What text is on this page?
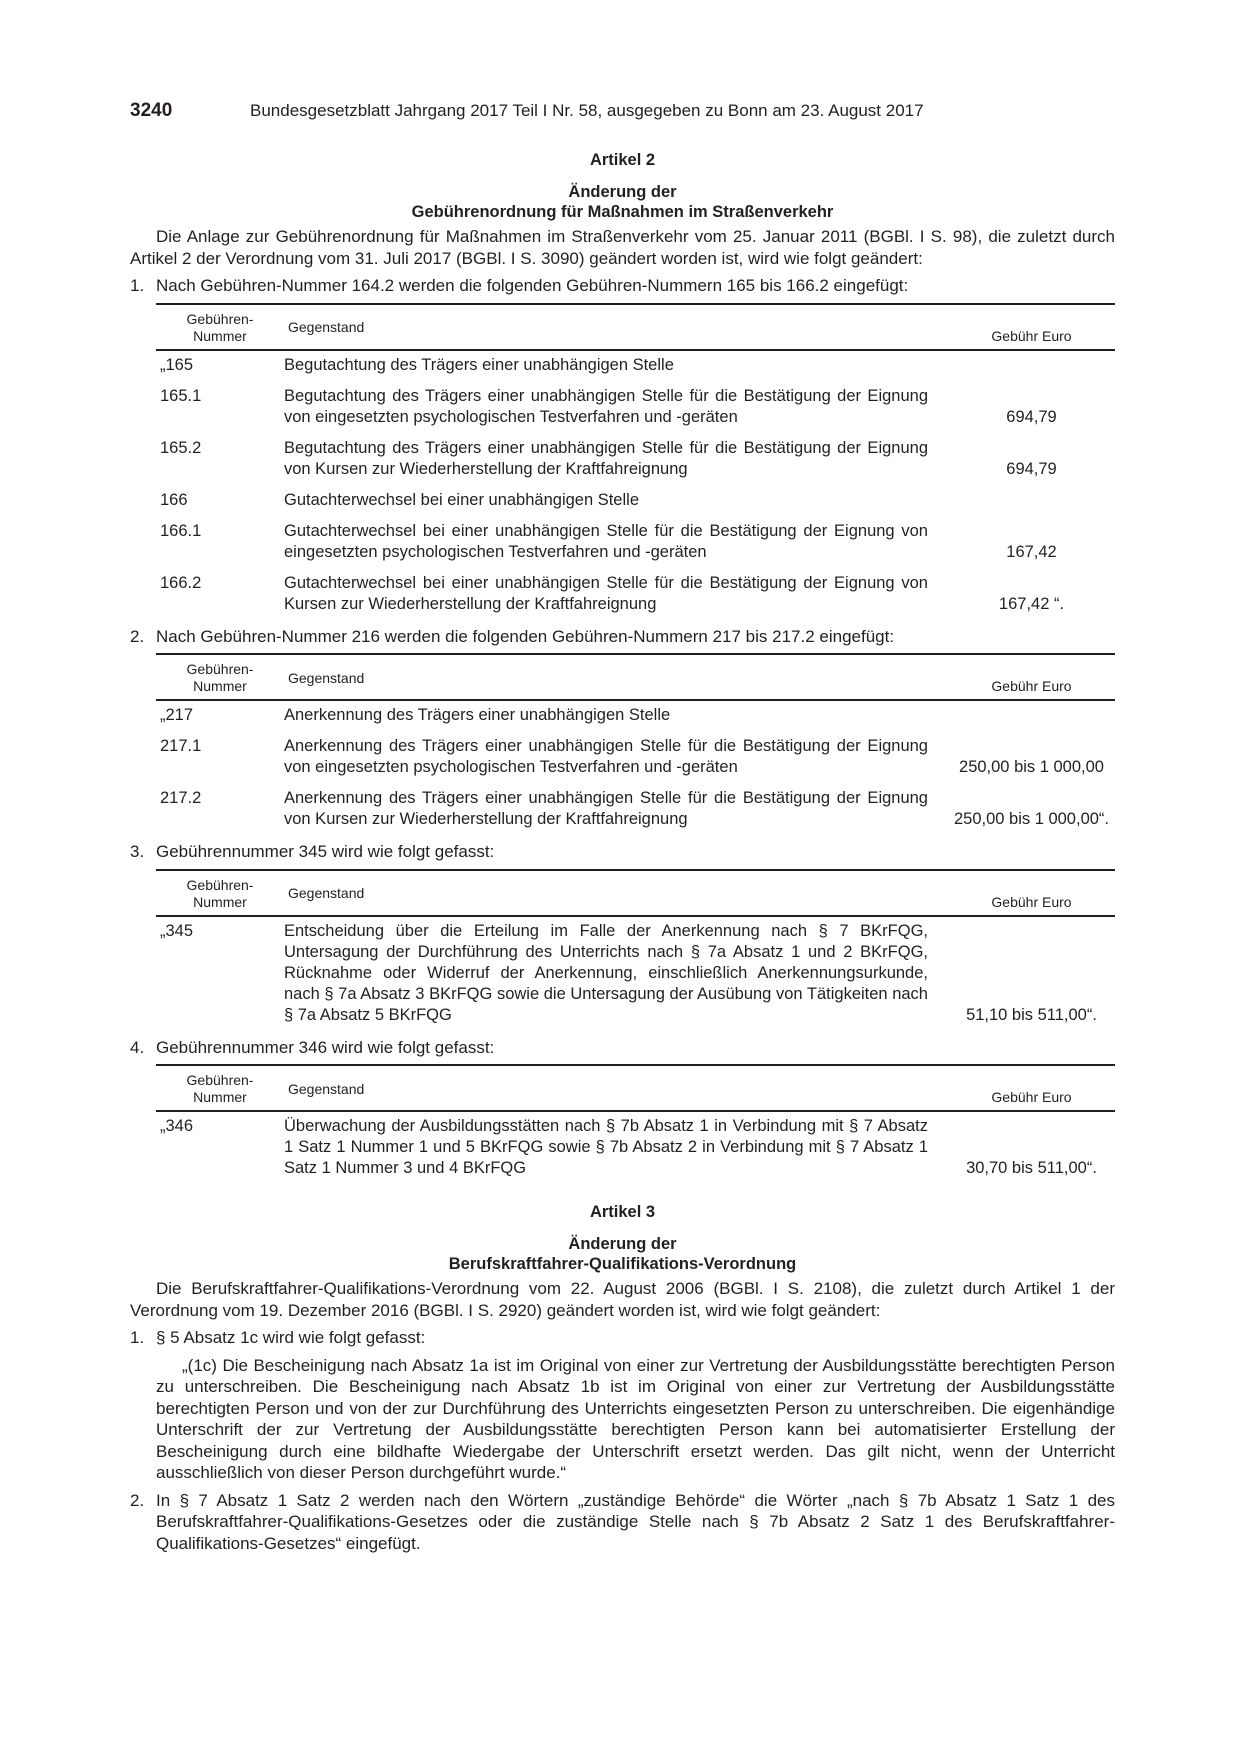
3240	Bundesgesetzblatt Jahrgang 2017 Teil I Nr. 58, ausgegeben zu Bonn am 23. August 2017
Artikel 2
Änderung der
Gebührenordnung für Maßnahmen im Straßenverkehr

Die Anlage zur Gebührenordnung für Maßnahmen im Straßenverkehr vom 25. Januar 2011 (BGBl. I S. 98), die zuletzt durch Artikel 2 der Verordnung vom 31. Juli 2017 (BGBl. I S. 3090) geändert worden ist, wird wie folgt geändert:

1. Nach Gebühren-Nummer 164.2 werden die folgenden Gebühren-Nummern 165 bis 166.2 eingefügt:
Gebühren-Nummer	Gegenstand	Gebühr Euro
„165	Begutachtung des Trägers einer unabhängigen Stelle	
165.1	Begutachtung des Trägers einer unabhängigen Stelle für die Bestätigung der Eignung von eingesetzten psychologischen Testverfahren und -geräten	694,79
165.2	Begutachtung des Trägers einer unabhängigen Stelle für die Bestätigung der Eignung von Kursen zur Wiederherstellung der Kraftfahreignung	694,79
166	Gutachterwechsel bei einer unabhängigen Stelle	
166.1	Gutachterwechsel bei einer unabhängigen Stelle für die Bestätigung der Eignung von eingesetzten psychologischen Testverfahren und -geräten	167,42
166.2	Gutachterwechsel bei einer unabhängigen Stelle für die Bestätigung der Eignung von Kursen zur Wiederherstellung der Kraftfahreignung	167,42 “.
2. Nach Gebühren-Nummer 216 werden die folgenden Gebühren-Nummern 217 bis 217.2 eingefügt:
Gebühren-Nummer	Gegenstand	Gebühr Euro
„217	Anerkennung des Trägers einer unabhängigen Stelle	
217.1	Anerkennung des Trägers einer unabhängigen Stelle für die Bestätigung der Eignung von eingesetzten psychologischen Testverfahren und -geräten	250,00 bis 1 000,00
217.2	Anerkennung des Trägers einer unabhängigen Stelle für die Bestätigung der Eignung von Kursen zur Wiederherstellung der Kraftfahreignung	250,00 bis 1 000,00“.
3. Gebührennummer 345 wird wie folgt gefasst:
Gebühren-Nummer	Gegenstand	Gebühr Euro
„345	Entscheidung über die Erteilung im Falle der Anerkennung nach § 7 BKrFQG, Untersagung der Durchführung des Unterrichts nach § 7a Absatz 1 und 2 BKrFQG, Rücknahme oder Widerruf der Anerkennung, einschließlich Anerkennungsurkunde, nach § 7a Absatz 3 BKrFQG sowie die Untersagung der Ausübung von Tätigkeiten nach § 7a Absatz 5 BKrFQG	51,10 bis 511,00“.
4. Gebührennummer 346 wird wie folgt gefasst:
Gebühren-Nummer	Gegenstand	Gebühr Euro
„346	Überwachung der Ausbildungsstätten nach § 7b Absatz 1 in Verbindung mit § 7 Absatz 1 Satz 1 Nummer 1 und 5 BKrFQG sowie § 7b Absatz 2 in Verbindung mit § 7 Absatz 1 Satz 1 Nummer 3 und 4 BKrFQG	30,70 bis 511,00“.
Artikel 3
Änderung der
Berufskraftfahrer-Qualifikations-Verordnung

Die Berufskraftfahrer-Qualifikations-Verordnung vom 22. August 2006 (BGBl. I S. 2108), die zuletzt durch Artikel 1 der Verordnung vom 19. Dezember 2016 (BGBl. I S. 2920) geändert worden ist, wird wie folgt geändert:

1. § 5 Absatz 1c wird wie folgt gefasst:

„(1c) Die Bescheinigung nach Absatz 1a ist im Original von einer zur Vertretung der Ausbildungsstätte berechtigten Person zu unterschreiben. Die Bescheinigung nach Absatz 1b ist im Original von einer zur Vertretung der Ausbildungsstätte berechtigten Person und von der zur Durchführung des Unterrichts eingesetzten Person zu unterschreiben. Die eigenhändige Unterschrift der zur Vertretung der Ausbildungsstätte berechtigten Person kann bei automatisierter Erstellung der Bescheinigung durch eine bildhafte Wiedergabe der Unterschrift ersetzt werden. Das gilt nicht, wenn der Unterricht ausschließlich von dieser Person durchgeführt wurde.“

2. In § 7 Absatz 1 Satz 2 werden nach den Wörtern „zuständige Behörde“ die Wörter „nach § 7b Absatz 1 Satz 1 des Berufskraftfahrer-Qualifikations-Gesetzes oder die zuständige Stelle nach § 7b Absatz 2 Satz 1 des Berufskraftfahrer-Qualifikations-Gesetzes“ eingefügt.
